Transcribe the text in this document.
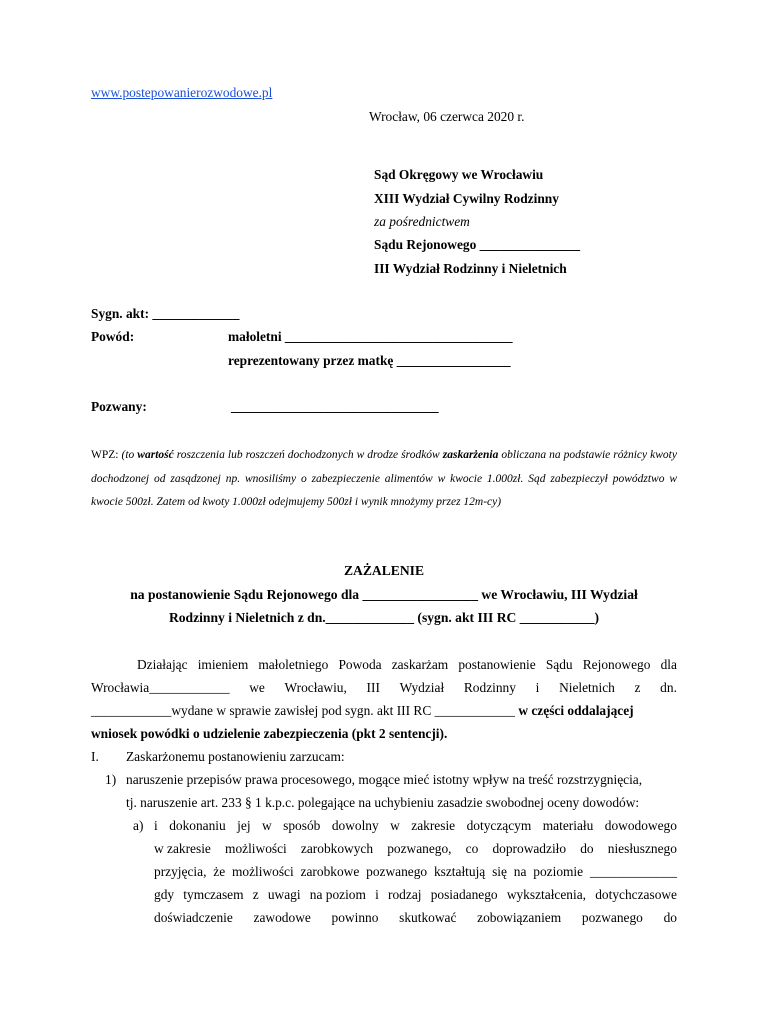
www.postepowanierozwodowe.pl
Wrocław, 06 czerwca 2020 r.
Sąd Okręgowy we Wrocławiu
XIII Wydział Cywilny Rodzinny
za pośrednictwem
Sądu Rejonowego _______________
III Wydział Rodzinny i Nieletnich
Sygn. akt: _____________
Powód:	małoletni __________________________________
reprezentowany przez matkę _________________
Pozwany:	_______________________________
WPZ: (to wartość roszczenia lub roszczeń dochodzonych w drodze środków zaskarżenia obliczana na podstawie różnicy kwoty dochodzonej od zasądzonej np. wnosiliśmy o zabezpieczenie alimentów w kwocie 1.000zł. Sąd zabezpieczył powództwo w kwocie 500zł. Zatem od kwoty 1.000zł odejmujemy 500zł i wynik mnożymy przez 12m-cy)
ZAŻALENIE
na postanowienie Sądu Rejonowego dla _________________ we Wrocławiu, III Wydział
Rodzinny i Nieletnich z dn._____________ (sygn. akt III RC ___________)
Działając imieniem małoletniego Powoda zaskarżam postanowienie Sądu Rejonowego dla
Wrocławia____________ we Wrocławiu, III Wydział Rodzinny i Nieletnich z dn.
____________wydane w sprawie zawisłej pod sygn. akt III RC ____________ w części oddalającej
wniosek powódki o udzielenie zabezpieczenia (pkt 2 sentencji).
I. Zaskarżonemu postanowieniu zarzucam:
1) naruszenie przepisów prawa procesowego, mogące mieć istotny wpływ na treść rozstrzygnięcia,
tj. naruszenie art. 233 § 1 k.p.c. polegające na uchybieniu zasadzie swobodnej oceny dowodów:
a) i dokonaniu jej w sposób dowolny w zakresie dotyczącym materiału dowodowego
w zakresie możliwości zarobkowych pozwanego, co doprowadziło do niesłusznego
przyjęcia, że możliwości zarobkowe pozwanego kształtują się na poziomie _____________
gdy tymczasem z uwagi na poziom i rodzaj posiadanego wykształcenia, dotychczasowe
doświadczenie zawodowe powinno skutkować zobowiązaniem pozwanego do
